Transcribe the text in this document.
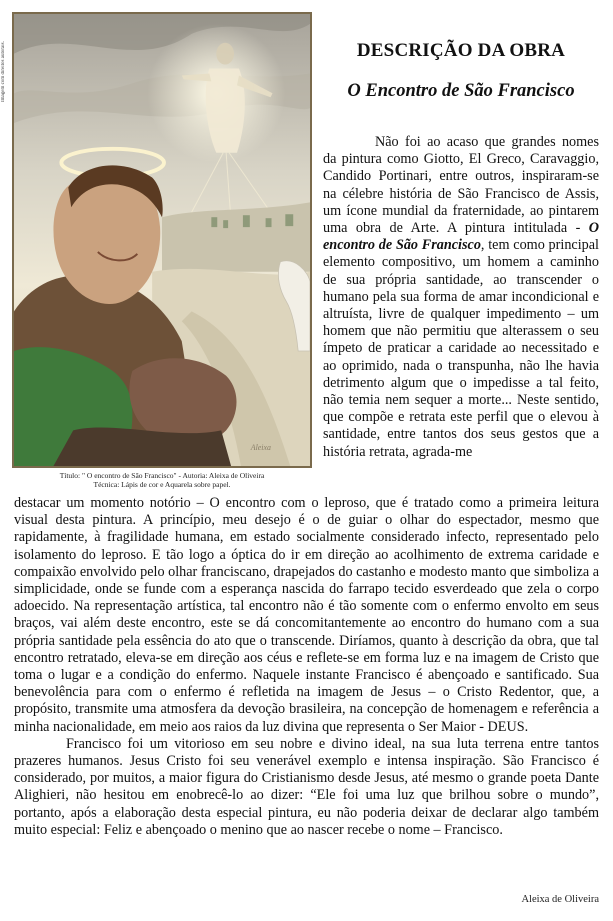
Imagem com direitos autorais.
Aleixa
Título: " O encontro de São Francisco" - Autoria: Aleixa de Oliveira
Técnica: Lápis de cor e Aquarela sobre papel.
DESCRIÇÃO DA OBRA
O Encontro de São Francisco

Não foi ao acaso que grandes nomes da pintura como Giotto, El Greco, Caravaggio, Candido Portinari, entre outros, inspiraram-se na célebre história de São Francisco de Assis, um ícone mundial da fraternidade, ao pintarem uma obra de Arte. A pintura intitulada - O encontro de São Francisco, tem como principal elemento compositivo, um homem a caminho de sua própria santidade, ao transcender o humano pela sua forma de amar incondicional e altruísta, livre de qualquer impedimento – um homem que não permitiu que alterassem o seu ímpeto de praticar a caridade ao necessitado e ao oprimido, nada o transpunha, não lhe havia detrimento algum que o impedisse a tal feito, não temia nem sequer a morte... Neste sentido, que compõe e retrata este perfil que o elevou à santidade, entre tantos dos seus gestos que a história retrata, agrada-me

destacar um momento notório – O encontro com o leproso, que é tratado como a primeira leitura visual desta pintura. A princípio, meu desejo é o de guiar o olhar do espectador, mesmo que rapidamente, à fragilidade humana, em estado socialmente considerado infecto, representado pelo isolamento do leproso. E tão logo a óptica do ir em direção ao acolhimento de extrema caridade e compaixão envolvido pelo olhar franciscano, drapejados do castanho e modesto manto que simboliza a simplicidade, onde se funde com a esperança nascida do farrapo tecido esverdeado que zela o corpo adoecido. Na representação artística, tal encontro não é tão somente com o enfermo envolto em seus braços, vai além deste encontro, este se dá concomitantemente ao encontro do humano com a sua própria santidade pela essência do ato que o transcende. Diríamos, quanto à descrição da obra, que tal encontro retratado, eleva-se em direção aos céus e reflete-se em forma luz e na imagem de Cristo que toma o lugar e a condição do enfermo. Naquele instante Francisco é abençoado e santificado. Sua benevolência para com o enfermo é refletida na imagem de Jesus – o Cristo Redentor, que, a propósito, transmite uma atmosfera da devoção brasileira, na concepção de homenagem e referência a minha nacionalidade, em meio aos raios da luz divina que representa o Ser Maior - DEUS.

Francisco foi um vitorioso em seu nobre e divino ideal, na sua luta terrena entre tantos prazeres humanos. Jesus Cristo foi seu venerável exemplo e intensa inspiração. São Francisco é considerado, por muitos, a maior figura do Cristianismo desde Jesus, até mesmo o grande poeta Dante Alighieri, não hesitou em enobrecê-lo ao dizer: “Ele foi uma luz que brilhou sobre o mundo”, portanto, após a elaboração desta especial pintura, eu não poderia deixar de declarar algo também muito especial: Feliz e abençoado o menino que ao nascer recebe o nome – Francisco.

Aleixa de Oliveira
